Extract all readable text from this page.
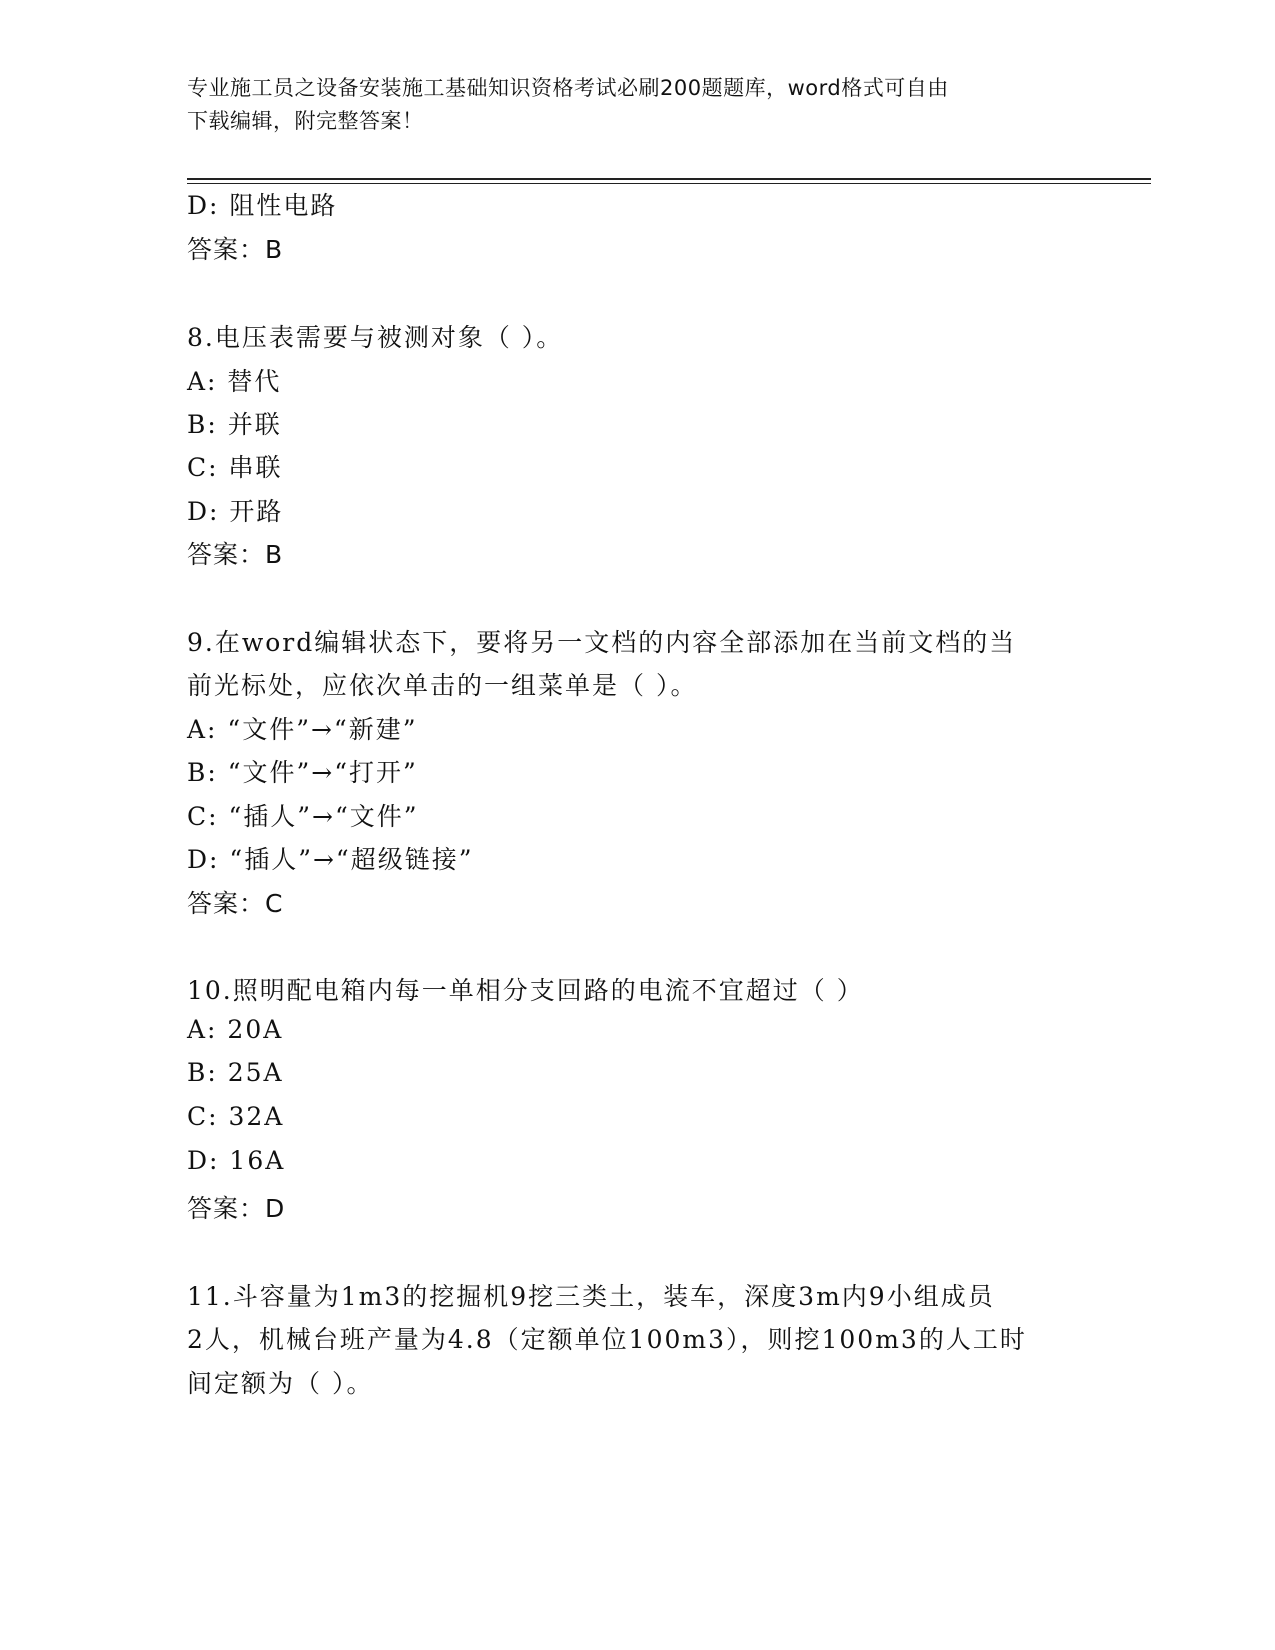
专业施工员之设备安装施工基础知识资格考试必刷200题题库，word格式可自由
下载编辑，附完整答案！
D: 阻性电路
答案：B
8.电压表需要与被测对象（ ）。
A: 替代
B: 并联
C: 串联
D: 开路
答案：B
9.在word编辑状态下，要将另一文档的内容全部添加在当前文档的当
前光标处，应依次单击的一组菜单是（ ）。
A: “文件”→“新建”
B: “文件”→“打开”
C: “插人”→“文件”
D: “插人”→“超级链接”
答案：C
10.照明配电箱内每一单相分支回路的电流不宜超过（ ）
A: 20A
B: 25A
C: 32A
D: 16A
答案：D
11.斗容量为1m3的挖掘机9挖三类土，装车，深度3m内9小组成员
2人，机械台班产量为4.8（定额单位100m3），则挖100m3的人工时
间定额为（ ）。
